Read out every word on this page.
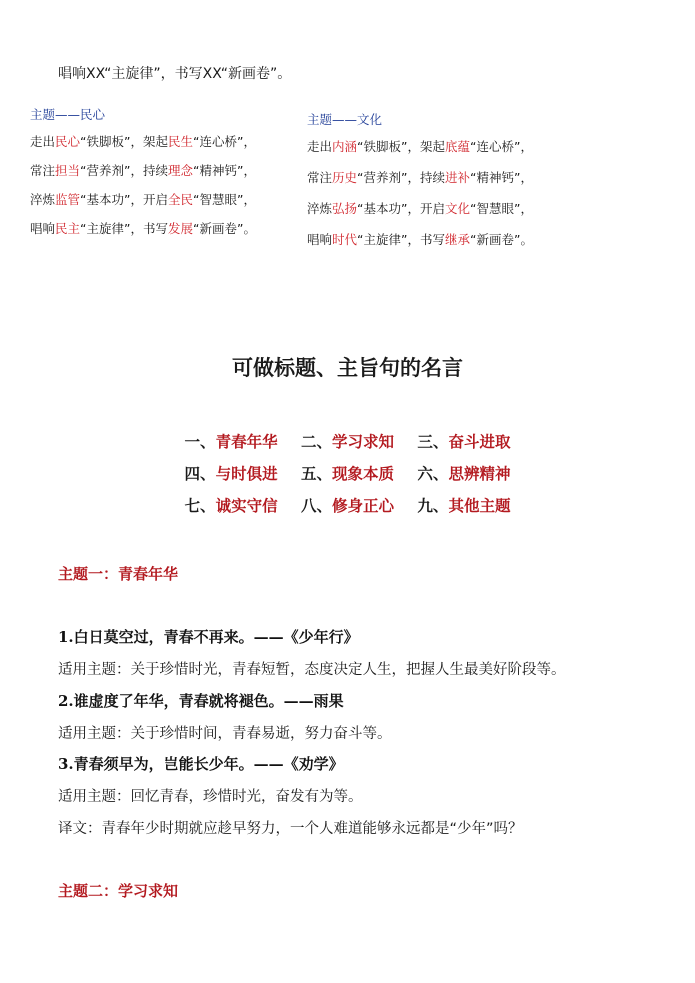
唱响XX“主旋律”，书写XX“新画卷”。
主题——民心
走出民心“铁脚板”，架起民生“连心桥”，
常注担当“营养剂”，持续理念“精神钙”，
淬炼监管“基本功”，开启全民“智慧眼”，
唱响民主“主旋律”，书写发展“新画卷”。
主题——文化
走出内涵“铁脚板”，架起底蕴“连心桥”，
常注历史“营养剂”，持续进补“精神钙”，
淬炼弘扬“基本功”，开启文化“智慧眼”，
唱响时代“主旋律”，书写继承“新画卷”。
可做标题、主旨句的名言
一、青春年华 二、学习求知 三、奋斗进取
四、与时俱进 五、现象本质 六、思辨精神
七、诚实守信 八、修身正心 九、其他主题
主题一：青春年华
1.白日莫空过，青春不再来。——《少年行》
适用主题：关于珍惜时光，青春短暂，态度决定人生，把握人生最美好阶段等。
2.谁虚度了年华，青春就将褪色。——雨果
适用主题：关于珍惜时间，青春易逝，努力奋斗等。
3.青春须早为，岂能长少年。——《劝学》
适用主题：回忆青春，珍惜时光，奋发有为等。
译文：青春年少时期就应趁早努力，一个人难道能够永远都是“少年”吗？
主题二：学习求知
